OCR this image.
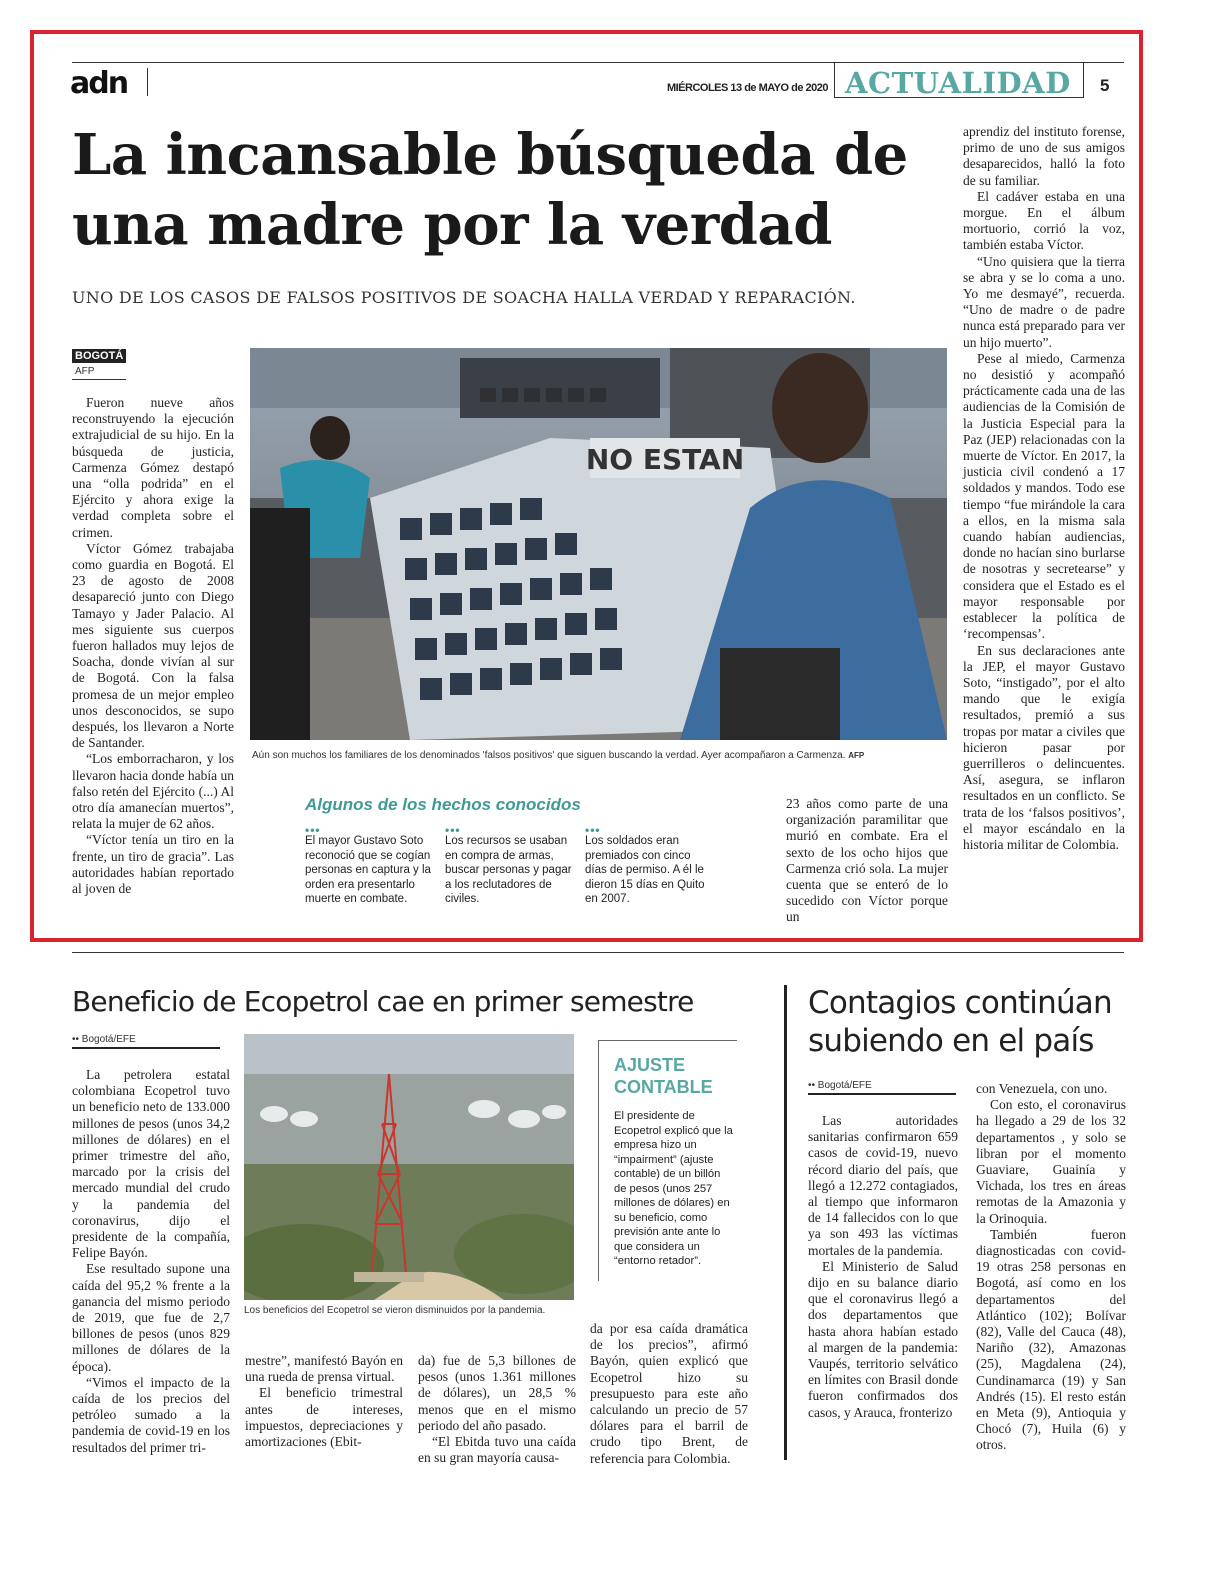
adn	MIÉRCOLES 13 de MAYO de 2020 ACTUALIDAD 5
La incansable búsqueda de una madre por la verdad
UNO DE LOS CASOS DE FALSOS POSITIVOS DE SOACHA HALLA VERDAD Y REPARACIÓN.
BOGOTÁ
AFP

Fueron nueve años reconstruyendo la ejecución extrajudicial de su hijo. En la búsqueda de justicia, Carmenza Gómez destapó una “olla podrida” en el Ejército y ahora exige la verdad completa sobre el crimen.

Víctor Gómez trabajaba como guardia en Bogotá. El 23 de agosto de 2008 desapareció junto con Diego Tamayo y Jader Palacio. Al mes siguiente sus cuerpos fueron hallados muy lejos de Soacha, donde vivían al sur de Bogotá. Con la falsa promesa de un mejor empleo unos desconocidos, se supo después, los llevaron a Norte de Santander.

“Los emborracharon, y los llevaron hacia donde había un falso retén del Ejército (...) Al otro día amanecían muertos”, relata la mujer de 62 años.

“Víctor tenía un tiro en la frente, un tiro de gracia”. Las autoridades habían reportado al joven de

NO ESTAN
Aún son muchos los familiares de los denominados 'falsos positivos' que siguen buscando la verdad. Ayer acompañaron a Carmenza. AFP
Algunos de los hechos conocidos
•••
El mayor Gustavo Soto reconoció que se cogían personas en captura y la orden era presentarlo muerte en combate.
•••
Los recursos se usaban en compra de armas, buscar personas y pagar a los reclutadores de civiles.
•••
Los soldados eran premiados con cinco días de permiso. A él le dieron 15 días en Quito en 2007.

23 años como parte de una organización paramilitar que murió en combate. Era el sexto de los ocho hijos que Carmenza crió sola. La mujer cuenta que se enteró de lo sucedido con Víctor porque un

aprendiz del instituto forense, primo de uno de sus amigos desaparecidos, halló la foto de su familiar.

El cadáver estaba en una morgue. En el álbum mortuorio, corrió la voz, también estaba Víctor.

“Uno quisiera que la tierra se abra y se lo coma a uno. Yo me desmayé”, recuerda. “Uno de madre o de padre nunca está preparado para ver un hijo muerto”.

Pese al miedo, Carmenza no desistió y acompañó prácticamente cada una de las audiencias de la Comisión de la Justicia Especial para la Paz (JEP) relacionadas con la muerte de Víctor. En 2017, la justicia civil condenó a 17 soldados y mandos. Todo ese tiempo “fue mirándole la cara a ellos, en la misma sala cuando habían audiencias, donde no hacían sino burlarse de nosotras y secretearse” y considera que el Estado es el mayor responsable por establecer la política de ‘recompensas’.

En sus declaraciones ante la JEP, el mayor Gustavo Soto, “instigado”, por el alto mando que le exigía resultados, premió a sus tropas por matar a civiles que hicieron pasar por guerrilleros o delincuentes. Así, asegura, se inflaron resultados en un conflicto. Se trata de los ‘falsos positivos’, el mayor escándalo en la historia militar de Colombia.

Beneficio de Ecopetrol cae en primer semestre
•• Bogotá/EFE

La petrolera estatal colombiana Ecopetrol tuvo un beneficio neto de 133.000 millones de pesos (unos 34,2 millones de dólares) en el primer trimestre del año, marcado por la crisis del mercado mundial del crudo y la pandemia del coronavirus, dijo el presidente de la compañía, Felipe Bayón.

Ese resultado supone una caída del 95,2 % frente a la ganancia del mismo periodo de 2019, que fue de 2,7 billones de pesos (unos 829 millones de dólares de la época).

“Vimos el impacto de la caída de los precios del petróleo sumado a la pandemia de covid-19 en los resultados del primer tri-

Los beneficios del Ecopetrol se vieron disminuidos por la pandemia.
AJUSTE CONTABLE
El presidente de Ecopetrol explicó que la empresa hizo un “impairment” (ajuste contable) de un billón de pesos (unos 257 millones de dólares) en su beneficio, como previsión ante ante lo que considera un “entorno retador”.

mestre”, manifestó Bayón en una rueda de prensa virtual.

El beneficio trimestral antes de intereses, impuestos, depreciaciones y amortizaciones (Ebit-

da) fue de 5,3 billones de pesos (unos 1.361 millones de dólares), un 28,5 % menos que en el mismo periodo del año pasado.

“El Ebitda tuvo una caída en su gran mayoría causa-

da por esa caída dramática de los precios”, afirmó Bayón, quien explicó que Ecopetrol hizo su presupuesto para este año calculando un precio de 57 dólares para el barril de crudo tipo Brent, de referencia para Colombia.

Contagios continúan subiendo en el país
•• Bogotá/EFE

Las autoridades sanitarias confirmaron 659 casos de covid-19, nuevo récord diario del país, que llegó a 12.272 contagiados, al tiempo que informaron de 14 fallecidos con lo que ya son 493 las víctimas mortales de la pandemia.

El Ministerio de Salud dijo en su balance diario que el coronavirus llegó a dos departamentos que hasta ahora habían estado al margen de la pandemia: Vaupés, territorio selvático en límites con Brasil donde fueron confirmados dos casos, y Arauca, fronterizo

con Venezuela, con uno.

Con esto, el coronavirus ha llegado a 29 de los 32 departamentos , y solo se libran por el momento Guaviare, Guainía y Vichada, los tres en áreas remotas de la Amazonia y la Orinoquia.

También fueron diagnosticadas con covid-19 otras 258 personas en Bogotá, así como en los departamentos del Atlántico (102); Bolívar (82), Valle del Cauca (48), Nariño (32), Amazonas (25), Magdalena (24), Cundinamarca (19) y San Andrés (15). El resto están en Meta (9), Antioquia y Chocó (7), Huila (6) y otros.
